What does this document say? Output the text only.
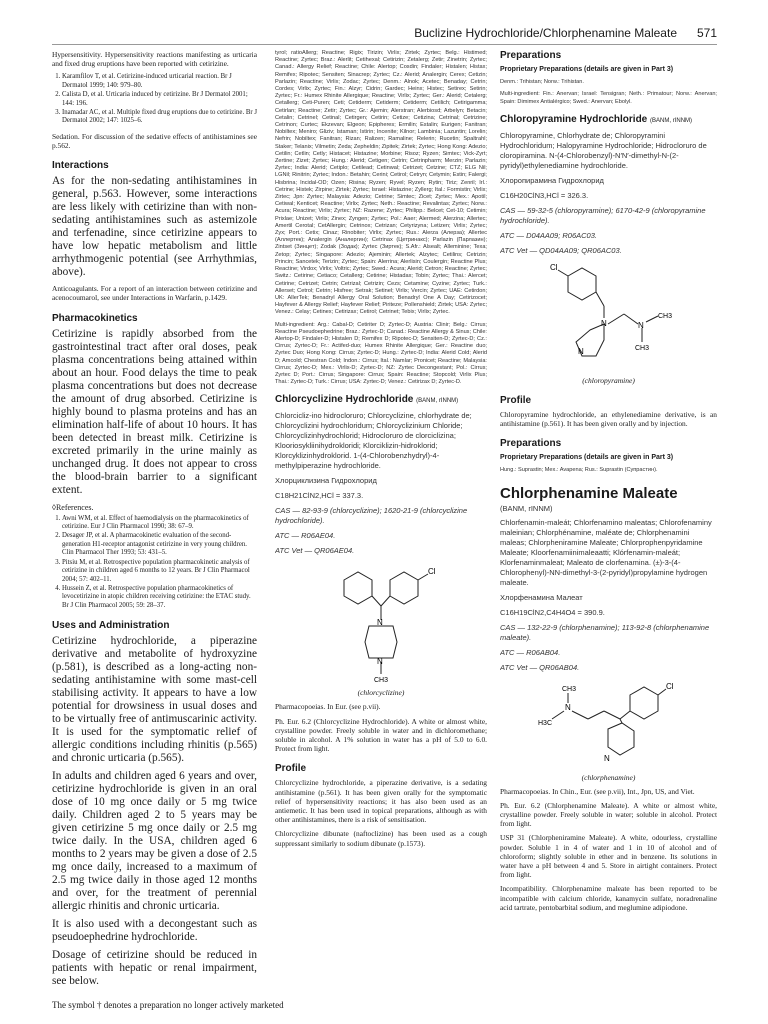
Buclizine Hydrochloride/Chlorphenamine Maleate 571

Hypersensitivity. Hypersensitivity reactions manifesting as urticaria and fixed drug eruptions have been reported with cetirizine.

1. Karamfilov T, et al. Cetirizine-induced urticarial reaction. Br J Dermatol 1999; 140: 979–80.
2. Calista D, et al. Urticaria induced by cetirizine. Br J Dermatol 2001; 144: 196.
3. Inamadar AC, et al. Multiple fixed drug eruptions due to cetirizine. Br J Dermatol 2002; 147: 1025–6.

Sedation. For discussion of the sedative effects of antihistamines see p.562.

Interactions

As for the non-sedating antihistamines in general, p.563. However, some interactions are less likely with cetirizine than with non-sedating antihistamines such as astemizole and terfenadine, since cetirizine appears to have low hepatic metabolism and little arrhythmogenic potential (see Arrhythmias, above).

Anticoagulants. For a report of an interaction between cetirizine and acenocoumarol, see under Interactions in Warfarin, p.1429.

Pharmacokinetics

Cetirizine is rapidly absorbed from the gastrointestinal tract after oral doses, peak plasma concentrations being attained within about an hour. Food delays the time to peak plasma concentrations but does not decrease the amount of drug absorbed. Cetirizine is highly bound to plasma proteins and has an elimination half-life of about 10 hours. It has been detected in breast milk. Cetirizine is excreted primarily in the urine mainly as unchanged drug. It does not appear to cross the blood-brain barrier to a significant extent.

◊References.
1. Awni WM, et al. Effect of haemodialysis on the pharmacokinetics of cetirizine. Eur J Clin Pharmacol 1990; 38: 67–9.
2. Desager JP, et al. A pharmacokinetic evaluation of the second-generation H1-receptor antagonist cetirizine in very young children. Clin Pharmacol Ther 1993; 53: 431–5.
3. Pitsiu M, et al. Retrospective population pharmacokinetic analysis of cetirizine in children aged 6 months to 12 years. Br J Clin Pharmacol 2004; 57: 402–11.
4. Hussein Z, et al. Retrospective population pharmacokinetics of levocetirizine in atopic children receiving cetirizine: the ETAC study. Br J Clin Pharmacol 2005; 59: 28–37.
Uses and Administration

Cetirizine hydrochloride, a piperazine derivative and metabolite of hydroxyzine (p.581), is described as a long-acting non-sedating antihistamine with some mast-cell stabilising activity. It appears to have a low potential for drowsiness in usual doses and to be virtually free of antimuscarinic activity. It is used for the symptomatic relief of allergic conditions including rhinitis (p.565) and chronic urticaria (p.565).

In adults and children aged 6 years and over, cetirizine hydrochloride is given in an oral dose of 10 mg once daily or 5 mg twice daily. Children aged 2 to 5 years may be given cetirizine 5 mg once daily or 2.5 mg twice daily. In the USA, children aged 6 months to 2 years may be given a dose of 2.5 mg once daily, increased to a maximum of 2.5 mg twice daily in those aged 12 months and over, for the treatment of perennial allergic rhinitis and chronic urticaria.

It is also used with a decongestant such as pseudoephedrine hydrochloride.

Dosage of cetirizine should be reduced in patients with hepatic or renal impairment, see below.

tyrol; ratioAllerg; Reactine; Rigix; Tirizin; Virlix; Zirtek; Zyrtec; Belg.: Histimed; Reactine; Zyrtec; Braz.: Alerlit; Cetihexal; Cetirizin; Zetalerg; Zetir; Zinetrin; Zyrtec; Canad.: Allergy Relief; Reactine; Chile: Alertop; Cosdin; Findaler; Histalen; Histax; Remifex; Ripotec; Sensiten; Sinacrep; Zyrtec; Cz.: Alerid; Analergin; Cerex; Cetizin; Parlazin; Reactine; Virlix; Zodac; Zyrtec; Denm.: Alnok; Acetec; Benaday; Cetrin; Cordes; Virlix; Zyrtec; Fin.: Alzyr; Cidrin; Gardec; Heinx; Histec; Setirex; Setirin; Zyrtec; Fr.: Humex Rhinite Allergique; Reactine; Virlix; Zyrtec; Ger.: Alerid; Cetalerg; Cetallerg; Ceti-Puren; Ceti; Cetiderm; Cetiderm; Cetiderm; Cetilich; Cetirigamma; Cetirlan; Reactine; Zetir; Zyrtec; Gr.: Ajemin; Alerstran; Alerbiosd; Arbelyn; Betacin; Cetalin; Cetrinel; Cetinal; Cetirgen; Cetirin; Cetize; Cetizina; Cetrinal; Cetrizine; Cetrinon; Curtec; Ekzevan; Elgeon; Epipheres; Ermilin; Estalin; Eurigen; Fanitran; Nobiltex; Meniro; Gliziv; Istaman; Istirin; Incenite; Kilnor; Lambinia; Lazuntin; Lorelin; Nefrin; Nobiltex; Fanitran; Rizan; Ralizen; Ramaline; Relerin; Rucetin; Spaltrahl; Staker; Telanix; Vilmetin; Zeda; Zepheldin; Zipitek; Zirtek; Zyrtec; Hong Kong: Adezio; Cetilin; Cetlin; Cetly; Histacet; Histazine; Morbine; Risoz; Ryzen; Simtec; Vick-Zyrt; Zertine; Zizet; Zyrtec; Hung.: Alerid; Cetigen; Cetrin; Cetrinpharm; Merzin; Parlazin; Zyrtec; India: Alerid; Cetiplo; Cetilead; Cetinwal; Cetrizet; Cetzine; CTZ; ELG Nil; LGNil; Rinitrin; Zyrtec; Indon.: Betahin; Cerini; Cetirol; Cetryn; Cetymin; Estin; Falergi; Hisbrina; Incidal-OD; Ozen; Risina; Ryzen; Ryvel; Ryzen; Rytin; Tiriz; Zenril; Irl.: Cetrine; Histek; Zirpine; Zirtek; Zyrtec; Israel: Histazine; Zyllerg; Ital.: Formistin; Virlix; Zirtec; Jpn: Zyrtec; Malaysia: Adezio; Cetrine; Simtec; Zicet; Zyrtec; Mex.: Apotil; Cetiwal; Kenticet; Reactine; Virlix; Zyrtec; Neth.: Reactine; Revalintas; Zyrtec; Norw.: Acura; Reactine; Virlix; Zyrtec; NZ: Razene; Zyrtec; Philipp.: Belcet; Cet-10; Cetimin; Prixlae; Unizet; Virlix; Zinex; Zyngen; Zyrtec; Pol.: Aaer; Alermed; Alerzina; Allertec; Amertil Cerotal; CetAllergin; Cetrinox; Cetrizan; Cetyrizyna; Letizen; Virlix; Zyrtec; Zyx; Port.: Cetix; Cinaz; Rinobiter; Virlix; Zyrtec; Rus.: Alerza (Алерза); Allertec (Аллертек); Analergin (Аналергин); Cetrinax (Цетринакс); Parlazin (Парлазин); Zintset (Зинцет); Zodak (Зодак); Zyrtec (Зиртек); S.Afr.: Alsealt; Alleminine; Texa; Zetop; Zyrtec; Singapore: Adezio; Ajeminin; Allertek; Alzytec; Cetilins; Cetrizin; Princin; Sancetek; Terizin; Zyrtec; Spain: Alerrina; Alerlisin; Coulergin; Reactine Plus; Reactine; Virdox; Virlix; Voltric; Zyrtec; Swed.: Acura; Alerid; Cetron; Reactine; Zyrtec; Switz.: Cetirine; Cetiaco; Cetallerg; Cetirine; Histadax; Tobin; Zyrtec; Thai.: Alercet; Cetirine; Cetrizet; Cetrin; Cetrizal; Cetrizin; Cezs; Cetamine; Cyzine; Zyrtec; Turk.: Allerset; Cetrol; Cetrin; Hisfree; Setrak; Setinel; Virlix; Vercin; Zyrtec; UAE: Cetirdon; UK: AllerTek; Benadryl Allergy Oral Solution; Benadryl One A Day; Cetirizocet; Hayfever & Allergy Relief; Hayfever Relief; Piriteze; Pollenshield; Zirtek; USA: Zyrtec; Venez.: Celay; Cetinex; Cetirizax; Cetirol; Cetrinet; Tebix; Virlix; Zyrtec.

Multi-ingredient: Arg.: Cabal-D; Cetiriter D; Zyrtec-D; Austria: Clinir; Belg.: Cirrus; Reactine Pseudoephedrine; Braz.: Zyrtec-D; Canad.: Reactine Allergy & Sinus; Chile: Alertop-D; Findaler-D; Histalen D; Remifex D; Ripotec-D; Sensiten-D; Zyrtec-D; Cz.: Cirrus; Zyrtec-D; Fr.: Actifed-duo; Humex Rhinite Allergique; Ger.: Reactine duo; Zyrtec Duo; Hong Kong: Cirrus; Zyrtec-D; Hung.: Zyrtec-D; India: Alerid Cold; Alerid D; Amcold; Chestran Cold; Indon.: Cirrus; Ital.: Namlar; Pronicet; Reactine; Malaysia: Cirrus; Zyrtec-D; Mex.: Virlix-D; Zyrtec-D; NZ: Zyrtec Decongestant; Pol.: Cirrus; Zyrtec D; Port.: Cirrus; Singapore: Cirrus; Spain: Reactine; Stopcold; Virlix Plus; Thai.: Zyrtec-D; Turk.: Cirrus; USA: Zyrtec-D; Venez.: Cetirizax D; Zyrtec-D.

Chlorcyclizine Hydrochloride (BANM, rINNM)

Chlorcicliz‑ino hidrocloruro; Chlorcyclizine, chlorhydrate de; Chlorcyclizini hydrochloridum; Chlorcyclizinium Chloride; Chlorcyclizinhydrochlorid; Hidrocloruro de clorciclizina; Klooriosykliinihydrokloridi; Klorciklizin-hidroklorid; Klorcyklizinhydroklorid. 1-(4-Chlorobenzhydryl)-4-methylpiperazine hydrochloride.

Хлорциклизина Гидрохлорид

C18H21ClN2,HCl = 337.3.

CAS — 82-93-9 (chlorcyclizine); 1620-21-9 (chlorcyclizine hydrochloride).

ATC — R06AE04.

ATC Vet — QR06AE04.

Cl
N
N
CH3

(chlorcyclizine)

Pharmacopoeias. In Eur. (see p.vii).

Ph. Eur. 6.2 (Chlorcyclizine Hydrochloride). A white or almost white, crystalline powder. Freely soluble in water and in dichloromethane; soluble in alcohol. A 1% solution in water has a pH of 5.0 to 6.0. Protect from light.

Profile

Chlorcyclizine hydrochloride, a piperazine derivative, is a sedating antihistamine (p.561). It has been given orally for the symptomatic relief of hypersensitivity reactions; it has also been used as an antiemetic. It has been used in topical preparations, although as with other antihistamines, there is a risk of sensitisation.

Chlorcyclizine dibunate (naftoclizine) has been used as a cough suppressant similarly to sodium dibunate (p.1573).

Preparations

Proprietary Preparations (details are given in Part 3)

Denm.: Trihistan; Norw.: Trihistan.

Multi-ingredient: Fin.: Anervan; Israel: Tensigran; Neth.: Primatour; Norw.: Anervan; Spain: Dimimex Antialérgico; Swed.: Anervan; Ebolyl.

Chloropyramine Hydrochloride (BANM, rINNM)

Chloropyramine, Chlorhydrate de; Chloropyramini Hydrochloridum; Halopyramine Hydrochloride; Hidrocloruro de cloropiramina. N-(4-Chlorobenzyl)-N′N′-dimethyl-N-(2-pyridyl)ethylenediamine hydrochloride.

Хлоропирамина Гидрохлорид

C16H20ClN3,HCl = 326.3.

CAS — 59-32-5 (chloropyramine); 6170-42-9 (chloropyramine hydrochloride).

ATC — D04AA09; R06AC03.

ATC Vet — QD04AA09; QR06AC03.

Cl
N	N
CH3
CH3
N

(chloropyramine)

Profile

Chloropyramine hydrochloride, an ethylenediamine derivative, is an antihistamine (p.561). It has been given orally and by injection.

Preparations

Proprietary Preparations (details are given in Part 3)

Hung.: Suprastin; Mex.: Avapena; Rus.: Suprastin (Супрастин).

Chlorphenamine Maleate

(BANM, rINNM)

Chlorfenamin-maleát; Chlorfenamino maleatas; Chlorofenaminy maleinian; Chlorphénamine, maléate de; Chlorphenamini maleas; Chlorpheniramine Maleate; Chlorprophenpyridamine Maleate; Kloorfenamiinimaleaatti; Klórfenamin-maleát; Klorfenaminmaleat; Maleato de clorfenamina. (±)-3-(4-Chlorophenyl)-NN-dimethyl-3-(2-pyridyl)propylamine hydrogen maleate.

Хлорфенамина Малеат

C16H19ClN2,C4H4O4 = 390.9.

CAS — 132-22-9 (chlorphenamine); 113-92-8 (chlorphenamine maleate).

ATC — R06AB04.

ATC Vet — QR06AB04.

CH3
N
H3C
Cl
N

(chlorphenamine)

Pharmacopoeias. In Chin., Eur. (see p.vii), Int., Jpn, US, and Viet.

Ph. Eur. 6.2 (Chlorphenamine Maleate). A white or almost white, crystalline powder. Freely soluble in water; soluble in alcohol. Protect from light.

USP 31 (Chlorpheniramine Maleate). A white, odourless, crystalline powder. Soluble 1 in 4 of water and 1 in 10 of alcohol and of chloroform; slightly soluble in ether and in benzene. Its solutions in water have a pH between 4 and 5. Store in airtight containers. Protect from light.

Incompatibility. Chlorphenamine maleate has been reported to be incompatible with calcium chloride, kanamycin sulfate, noradrenaline acid tartrate, pentobarbital sodium, and meglumine adipiodone.

The symbol † denotes a preparation no longer actively marketed
